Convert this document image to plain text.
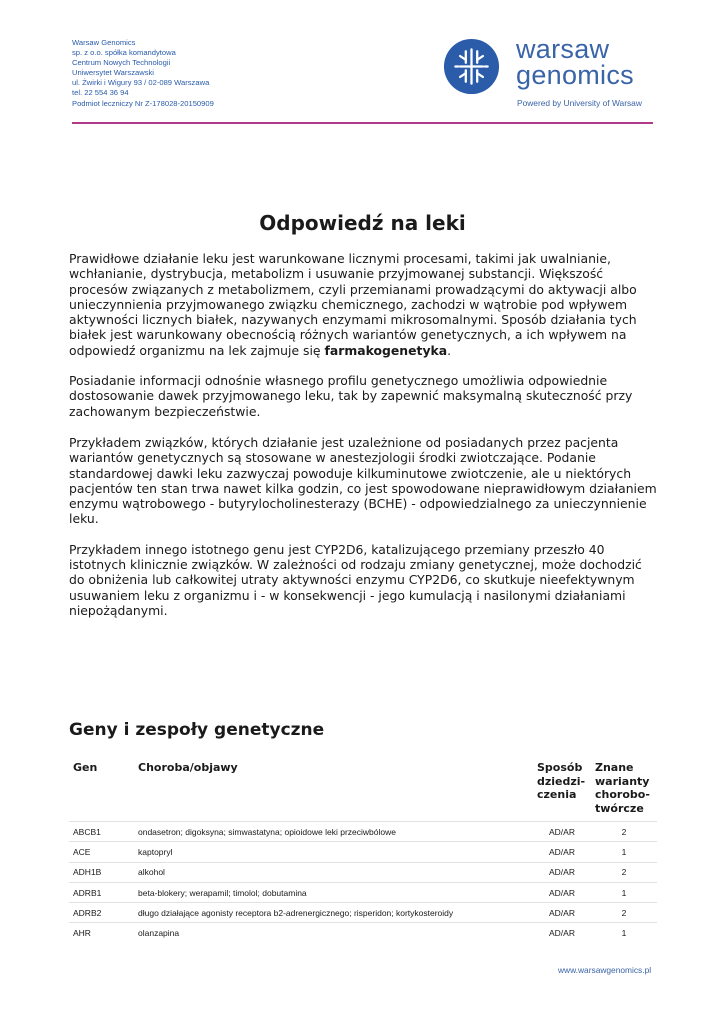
Warsaw Genomics
sp. z o.o. spółka komandytowa
Centrum Nowych Technologii
Uniwersytet Warszawski
ul. Żwirki i Wigury 93 / 02-089 Warszawa
tel. 22 554 36 94
Podmiot leczniczy Nr Z-178028-20150909
warsaw
genomics
Powered by University of Warsaw
Odpowiedź na leki

Prawidłowe działanie leku jest warunkowane licznymi procesami, takimi jak uwalnianie, wchłanianie, dystrybucja, metabolizm i usuwanie przyjmowanej substancji. Większość procesów związanych z metabolizmem, czyli przemianami prowadzącymi do aktywacji albo unieczynnienia przyjmowanego związku chemicznego, zachodzi w wątrobie pod wpływem aktywności licznych białek, nazywanych enzymami mikrosomalnymi. Sposób działania tych białek jest warunkowany obecnością różnych wariantów genetycznych, a ich wpływem na odpowiedź organizmu na lek zajmuje się farmakogenetyka.

Posiadanie informacji odnośnie własnego profilu genetycznego umożliwia odpowiednie dostosowanie dawek przyjmowanego leku, tak by zapewnić maksymalną skuteczność przy zachowanym bezpieczeństwie.

Przykładem związków, których działanie jest uzależnione od posiadanych przez pacjenta wariantów genetycznych są stosowane w anestezjologii środki zwiotczające. Podanie standardowej dawki leku zazwyczaj powoduje kilkuminutowe zwiotczenie, ale u niektórych pacjentów ten stan trwa nawet kilka godzin, co jest spowodowane nieprawidłowym działaniem enzymu wątrobowego - butyrylocholinesterazy (BCHE) - odpowiedzialnego za unieczynnienie leku.

Przykładem innego istotnego genu jest CYP2D6, katalizującego przemiany przeszło 40 istotnych klinicznie związków. W zależności od rodzaju zmiany genetycznej, może dochodzić do obniżenia lub całkowitej utraty aktywności enzymu CYP2D6, co skutkuje nieefektywnym usuwaniem leku z organizmu i - w konsekwencji - jego kumulacją i nasilonymi działaniami niepożądanymi.

Geny i zespoły genetyczne
Gen	Choroba/objawy	Sposób dziedzi- czenia	Znane warianty chorobo- twórcze
ABCB1	ondasetron; digoksyna; simwastatyna; opioidowe leki przeciwbólowe	AD/AR	2
ACE	kaptopryl	AD/AR	1
ADH1B	alkohol	AD/AR	2
ADRB1	beta-blokery; werapamil; timolol; dobutamina	AD/AR	1
ADRB2	długo działające agonisty receptora b2-adrenergicznego; risperidon; kortykosteroidy	AD/AR	2
AHR	olanzapina	AD/AR	1
www.warsawgenomics.pl
